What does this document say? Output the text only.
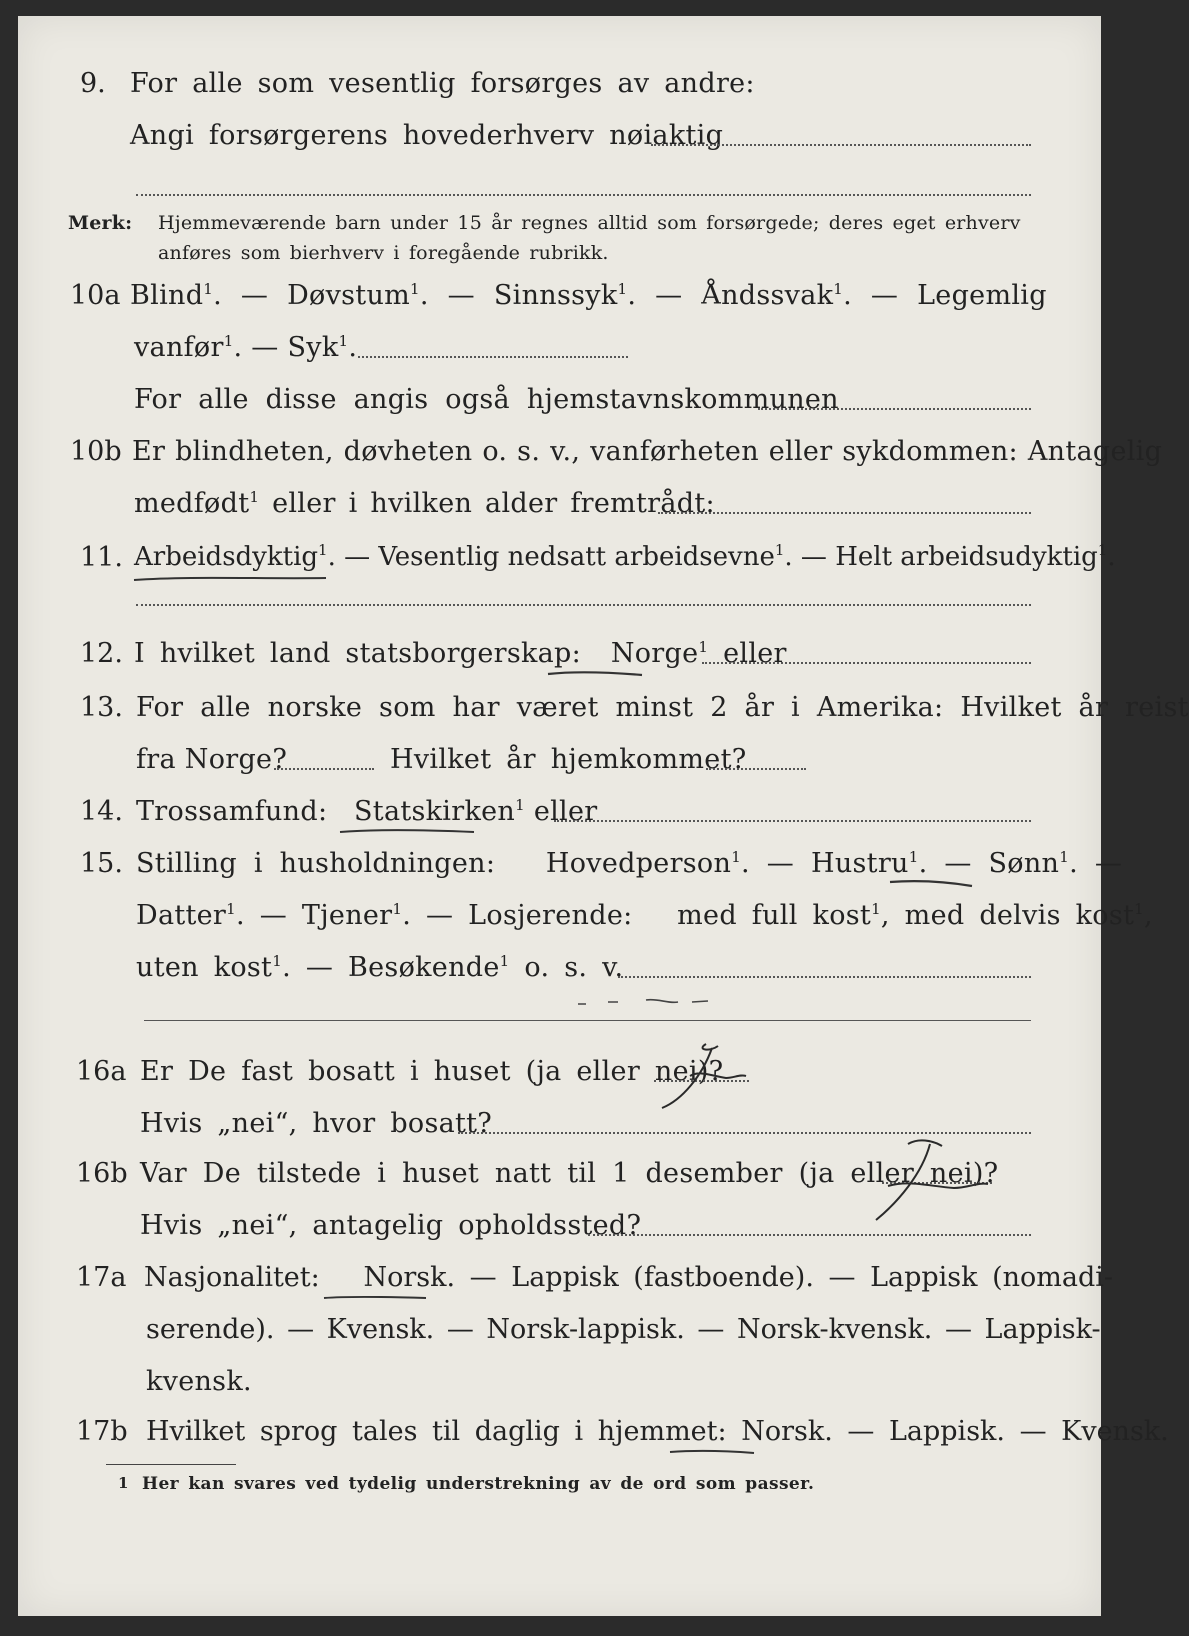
9. For alle som vesentlig forsørges av andre:
Angi forsørgerens hovederhverv nøiaktig
Merk: Hjemmeværende barn under 15 år regnes alltid som forsørgede; deres eget erhverv
anføres som bierhverv i foregående rubrikk.
10a Blind$^1$. — Døvstum$^1$. — Sinnssyk$^1$. — Åndssvak$^1$. — Legemlig
vanfør$^1$. — Syk$^1$.
For alle disse angis også hjemstavnskommunen
10b Er blindheten, døvheten o. s. v., vanførheten eller sykdommen: Antagelig
medfødt$^1$ eller i hvilken alder fremtrådt:
11. Arbeidsdyktig$^1$. — Vesentlig nedsatt arbeidsevne$^1$. — Helt arbeidsudyktig$^1$.
12. I hvilket land statsborgerskap: Norge$^1$ eller
13. For alle norske som har været minst 2 år i Amerika: Hvilket år reist
fra Norge?	Hvilket år hjemkommet?
14. Trossamfund: Statskirken$^1$ eller
15. Stilling i husholdningen: Hovedperson$^1$. — Hustru$^1$. — Sønn$^1$. —
Datter$^1$. — Tjener$^1$. — Losjerende: med full kost$^1$, med delvis kost$^1$,
uten kost$^1$. — Besøkende$^1$ o. s. v.
16a Er De fast bosatt i huset (ja eller nei)?
Ja
Hvis „nei“, hvor bosatt?
16b Var De tilstede i huset natt til 1 desember (ja eller nei)?
Ja
Hvis „nei“, antagelig opholdssted?
17a Nasjonalitet: Norsk. — Lappisk (fastboende). — Lappisk (nomadi-
serende). — Kvensk. — Norsk-lappisk. — Norsk-kvensk. — Lappisk-
kvensk.
17b Hvilket sprog tales til daglig i hjemmet: Norsk. — Lappisk. — Kvensk.
1 Her kan svares ved tydelig understrekning av de ord som passer.
